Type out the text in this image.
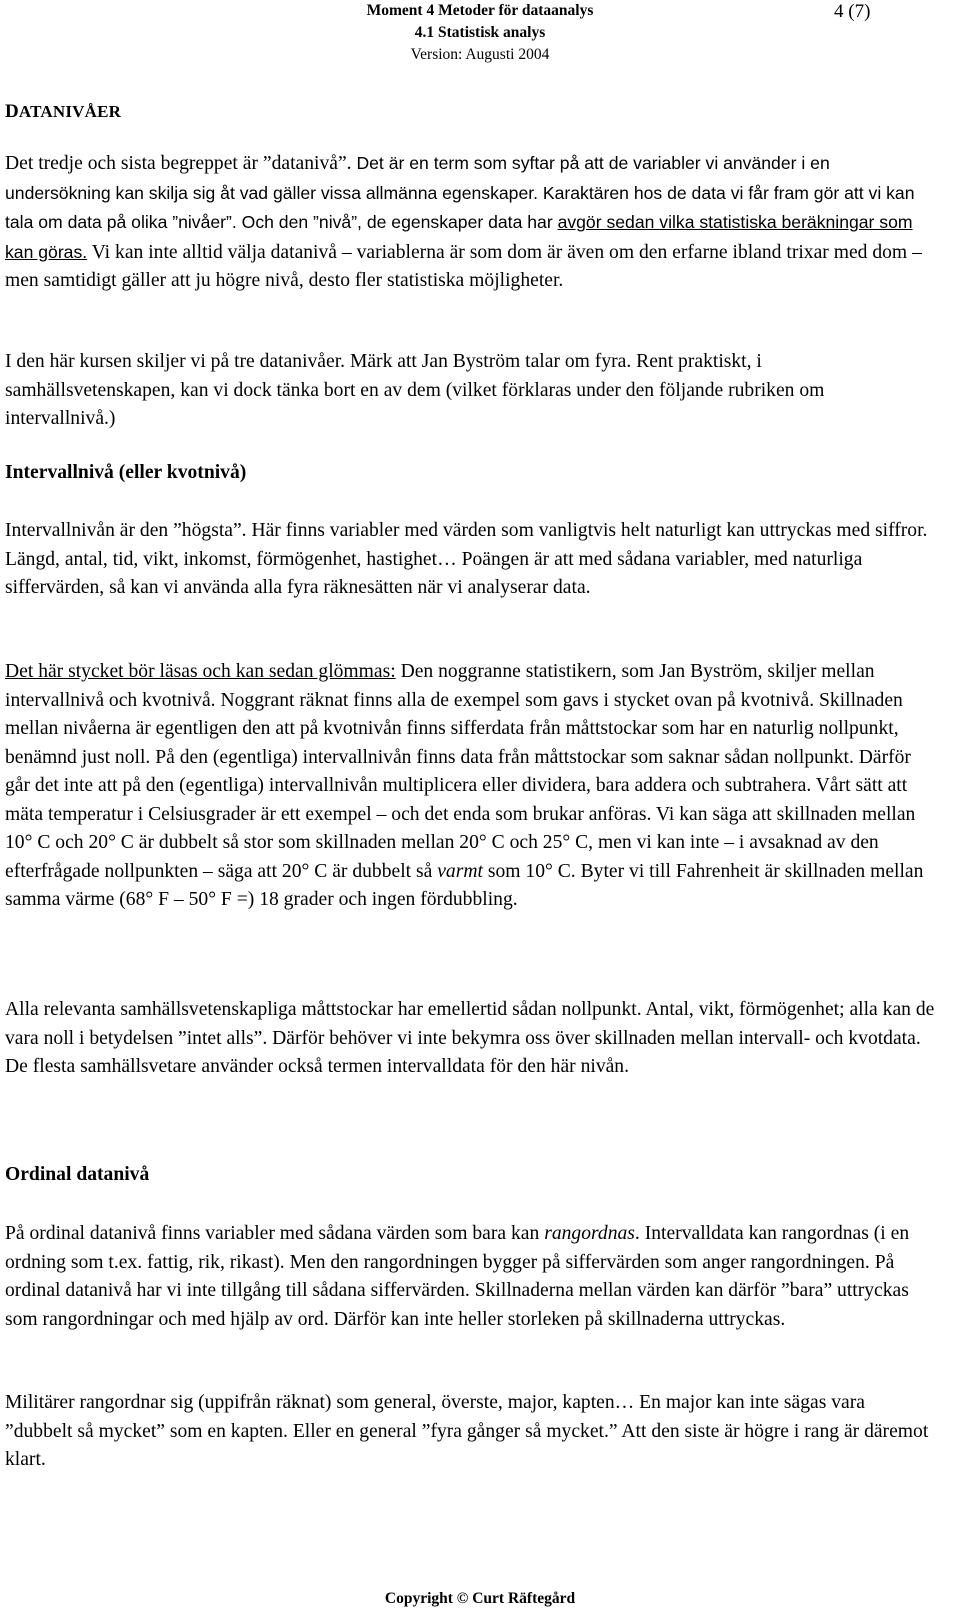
Moment 4 Metoder för dataanalys
4.1 Statistisk analys
Version: Augusti 2004
4 (7)
DATANIVÅER

Det tredje och sista begreppet är ”datanivå”. Det är en term som syftar på att de variabler vi använder i en undersökning kan skilja sig åt vad gäller vissa allmänna egenskaper. Karaktären hos de data vi får fram gör att vi kan tala om data på olika ”nivåer”. Och den ”nivå”, de egenskaper data har avgör sedan vilka statistiska beräkningar som kan göras. Vi kan inte alltid välja datanivå – variablerna är som dom är även om den erfarne ibland trixar med dom – men samtidigt gäller att ju högre nivå, desto fler statistiska möjligheter.

I den här kursen skiljer vi på tre datanivåer. Märk att Jan Byström talar om fyra. Rent praktiskt, i samhällsvetenskapen, kan vi dock tänka bort en av dem (vilket förklaras under den följande rubriken om intervallnivå.)

Intervallnivå (eller kvotnivå)

Intervallnivån är den ”högsta”. Här finns variabler med värden som vanligtvis helt naturligt kan uttryckas med siffror. Längd, antal, tid, vikt, inkomst, förmögenhet, hastighet… Poängen är att med sådana variabler, med naturliga siffervärden, så kan vi använda alla fyra räknesätten när vi analyserar data.

Det här stycket bör läsas och kan sedan glömmas: Den noggranne statistikern, som Jan Byström, skiljer mellan intervallnivå och kvotnivå. Noggrant räknat finns alla de exempel som gavs i stycket ovan på kvotnivå. Skillnaden mellan nivåerna är egentligen den att på kvotnivån finns sifferdata från måttstockar som har en naturlig nollpunkt, benämnd just noll. På den (egentliga) intervallnivån finns data från måttstockar som saknar sådan nollpunkt. Därför går det inte att på den (egentliga) intervallnivån multiplicera eller dividera, bara addera och subtrahera. Vårt sätt att mäta temperatur i Celsiusgrader är ett exempel – och det enda som brukar anföras. Vi kan säga att skillnaden mellan 10° C och 20° C är dubbelt så stor som skillnaden mellan 20° C och 25° C, men vi kan inte – i avsaknad av den efterfrågade nollpunkten – säga att 20° C är dubbelt så varmt som 10° C. Byter vi till Fahrenheit är skillnaden mellan samma värme (68° F – 50° F =) 18 grader och ingen fördubbling.

Alla relevanta samhällsvetenskapliga måttstockar har emellertid sådan nollpunkt. Antal, vikt, förmögenhet; alla kan de vara noll i betydelsen ”intet alls”. Därför behöver vi inte bekymra oss över skillnaden mellan intervall- och kvotdata. De flesta samhällsvetare använder också termen intervalldata för den här nivån.

Ordinal datanivå

På ordinal datanivå finns variabler med sådana värden som bara kan rangordnas. Intervalldata kan rangordnas (i en ordning som t.ex. fattig, rik, rikast). Men den rangordningen bygger på siffervärden som anger rangordningen. På ordinal datanivå har vi inte tillgång till sådana siffervärden. Skillnaderna mellan värden kan därför ”bara” uttryckas som rangordningar och med hjälp av ord. Därför kan inte heller storleken på skillnaderna uttryckas.

Militärer rangordnar sig (uppifrån räknat) som general, överste, major, kapten… En major kan inte sägas vara ”dubbelt så mycket” som en kapten. Eller en general ”fyra gånger så mycket.” Att den siste är högre i rang är däremot klart.

Copyright © Curt Räftegård
